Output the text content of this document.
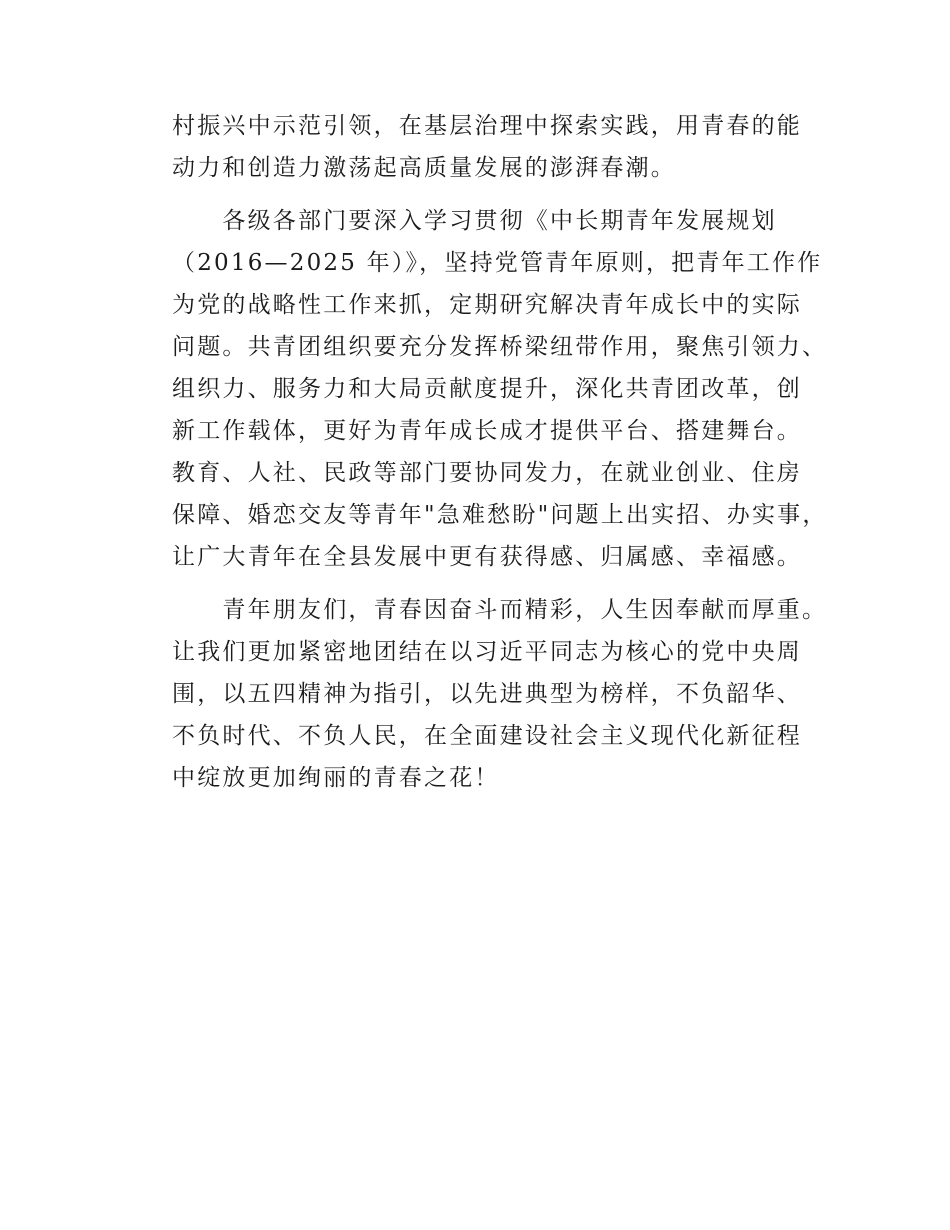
村振兴中示范引领，在基层治理中探索实践，用青春的能
动力和创造力激荡起高质量发展的澎湃春潮。
　　各级各部门要深入学习贯彻《中长期青年发展规划
（2016—2025 年）》，坚持党管青年原则，把青年工作作
为党的战略性工作来抓，定期研究解决青年成长中的实际
问题。共青团组织要充分发挥桥梁纽带作用，聚焦引领力、
组织力、服务力和大局贡献度提升，深化共青团改革，创
新工作载体，更好为青年成长成才提供平台、搭建舞台。
教育、人社、民政等部门要协同发力，在就业创业、住房
保障、婚恋交友等青年"急难愁盼"问题上出实招、办实事，
让广大青年在全县发展中更有获得感、归属感、幸福感。
　　青年朋友们，青春因奋斗而精彩，人生因奉献而厚重。
让我们更加紧密地团结在以习近平同志为核心的党中央周
围，以五四精神为指引，以先进典型为榜样，不负韶华、
不负时代、不负人民，在全面建设社会主义现代化新征程
中绽放更加绚丽的青春之花！
